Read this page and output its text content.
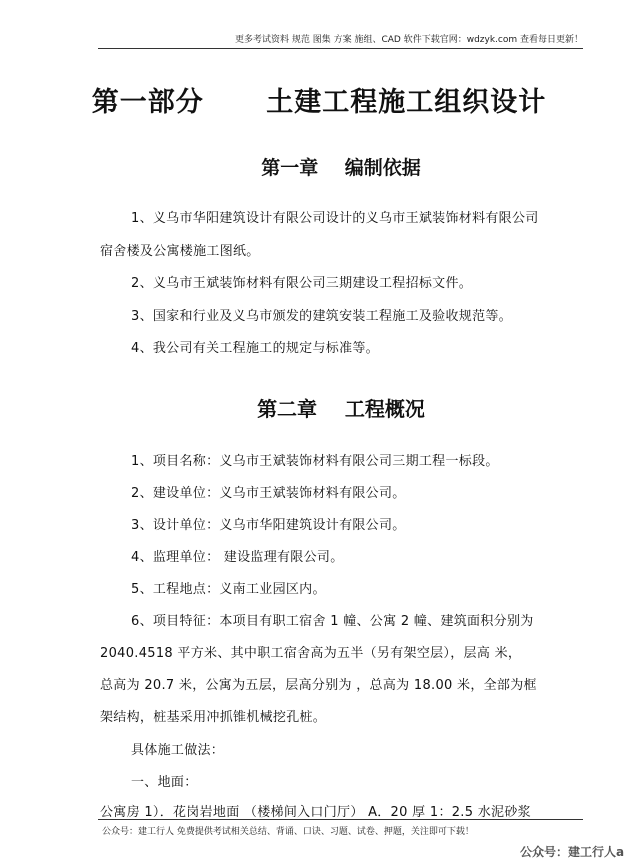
更多考试资料 规范 图集 方案 施组、CAD 软件下载官网：wdzyk.com 查看每日更新！
第一部分      土建工程施工组织设计
第一章    编制依据
1、义乌市华阳建筑设计有限公司设计的义乌市王斌装饰材料有限公司
宿舍楼及公寓楼施工图纸。
2、义乌市王斌装饰材料有限公司三期建设工程招标文件。
3、国家和行业及义乌市颁发的建筑安装工程施工及验收规范等。
4、我公司有关工程施工的规定与标准等。
第二章    工程概况
1、项目名称：义乌市王斌装饰材料有限公司三期工程一标段。
2、建设单位：义乌市王斌装饰材料有限公司。
3、设计单位：义乌市华阳建筑设计有限公司。
4、监理单位： 建设监理有限公司。
5、工程地点：义南工业园区内。
6、项目特征：本项目有职工宿舍 1 幢、公寓 2 幢、建筑面积分别为
2040.4518 平方米、其中职工宿舍高为五半（另有架空层），层高 米，
总高为 20.7 米，公寓为五层，层高分别为 ，总高为 18.00 米，全部为框
架结构，桩基采用冲抓锥机械挖孔桩。
具体施工做法：
一、地面：
公寓房 1）．花岗岩地面 （楼梯间入口门厅） A．20 厚 1：2.5 水泥砂浆
公众号：建工行人 免费提供考试相关总结、背诵、口诀、习题、试卷、押题，关注即可下载！
公众号：建工行人a
